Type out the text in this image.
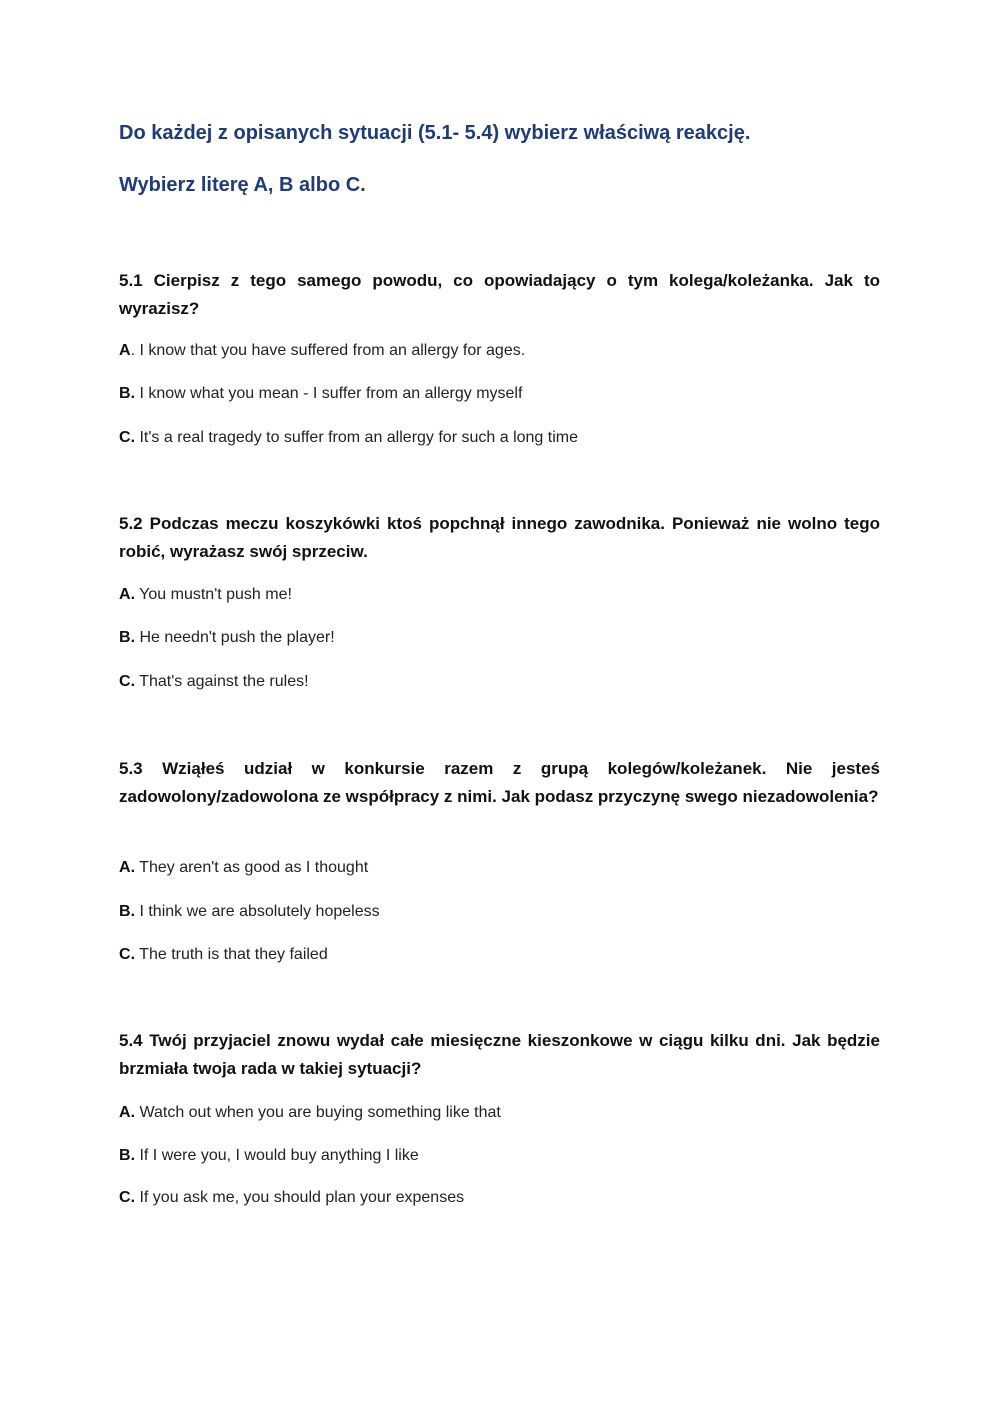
Do każdej z opisanych sytuacji (5.1- 5.4) wybierz właściwą reakcję.
Wybierz literę A, B albo C.

5.1 Cierpisz z tego samego powodu, co opowiadający o tym kolega/koleżanka. Jak to wyrazisz?

A. I know that you have suffered from an allergy for ages.

B. I know what you mean - I suffer from an allergy myself

C. It's a real tragedy to suffer from an allergy for such a long time

5.2 Podczas meczu koszykówki ktoś popchnął innego zawodnika. Ponieważ nie wolno tego robić, wyrażasz swój sprzeciw.

A. You mustn't push me!

B. He needn't push the player!

C. That's against the rules!

5.3 Wziąłeś udział w konkursie razem z grupą kolegów/koleżanek. Nie jesteś zadowolony/zadowolona ze współpracy z nimi. Jak podasz przyczynę swego niezadowolenia?

A. They aren't as good as I thought

B. I think we are absolutely hopeless

C. The truth is that they failed

5.4 Twój przyjaciel znowu wydał całe miesięczne kieszonkowe w ciągu kilku dni. Jak będzie brzmiała twoja rada w takiej sytuacji?

A. Watch out when you are buying something like that

B. If I were you, I would buy anything I like

C. If you ask me, you should plan your expenses
